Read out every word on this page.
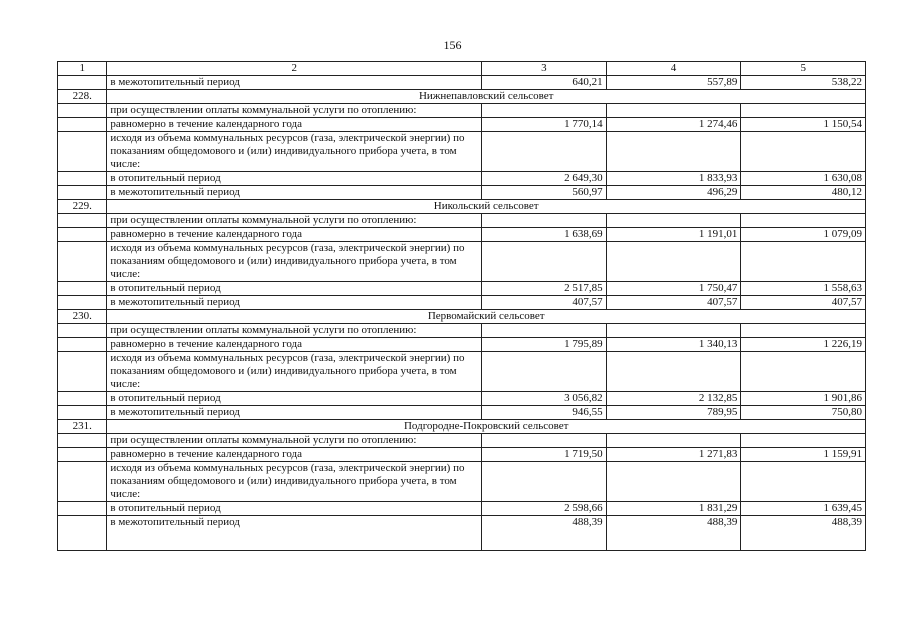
156
1	2	3	4	5
	в межотопительный период	640,21	557,89	538,22
228.	Нижнепавловский сельсовет			
	при осуществлении оплаты коммунальной услуги по отоплению:			
	равномерно в течение календарного года	1 770,14	1 274,46	1 150,54
	исходя из объема коммунальных ресурсов (газа, электрической энергии) по показаниям общедомового и (или) индивидуального прибора учета, в том числе:			
	в отопительный период	2 649,30	1 833,93	1 630,08
	в межотопительный период	560,97	496,29	480,12
229.	Никольский сельсовет			
	при осуществлении оплаты коммунальной услуги по отоплению:			
	равномерно в течение календарного года	1 638,69	1 191,01	1 079,09
	исходя из объема коммунальных ресурсов (газа, электрической энергии) по показаниям общедомового и (или) индивидуального прибора учета, в том числе:			
	в отопительный период	2 517,85	1 750,47	1 558,63
	в межотопительный период	407,57	407,57	407,57
230.	Первомайский сельсовет			
	при осуществлении оплаты коммунальной услуги по отоплению:			
	равномерно в течение календарного года	1 795,89	1 340,13	1 226,19
	исходя из объема коммунальных ресурсов (газа, электрической энергии) по показаниям общедомового и (или) индивидуального прибора учета, в том числе:			
	в отопительный период	3 056,82	2 132,85	1 901,86
	в межотопительный период	946,55	789,95	750,80
231.	Подгородне-Покровский сельсовет			
	при осуществлении оплаты коммунальной услуги по отоплению:			
	равномерно в течение календарного года	1 719,50	1 271,83	1 159,91
	исходя из объема коммунальных ресурсов (газа, электрической энергии) по показаниям общедомового и (или) индивидуального прибора учета, в том числе:			
	в отопительный период	2 598,66	1 831,29	1 639,45
	в межотопительный период	488,39	488,39	488,39
